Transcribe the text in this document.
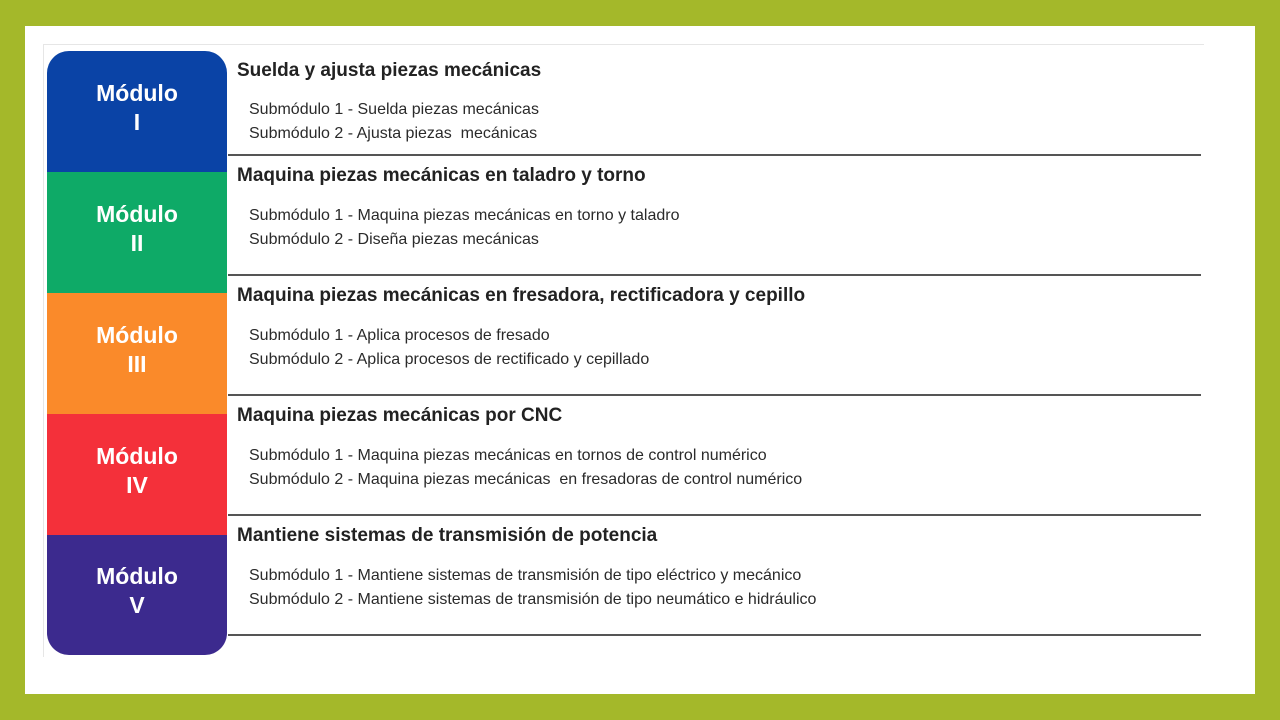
Módulo
I
Módulo
II
Módulo
III
Módulo
IV
Módulo
V
Suelda y ajusta piezas mecánicas
Submódulo 1 - Suelda piezas mecánicas
Submódulo 2 - Ajusta piezas  mecánicas
Maquina piezas mecánicas en taladro y torno
Submódulo 1 - Maquina piezas mecánicas en torno y taladro
Submódulo 2 - Diseña piezas mecánicas
Maquina piezas mecánicas en fresadora, rectificadora y cepillo
Submódulo 1 - Aplica procesos de fresado
Submódulo 2 - Aplica procesos de rectificado y cepillado
Maquina piezas mecánicas por CNC
Submódulo 1 - Maquina piezas mecánicas en tornos de control numérico
Submódulo 2 - Maquina piezas mecánicas  en fresadoras de control numérico
Mantiene sistemas de transmisión de potencia
Submódulo 1 - Mantiene sistemas de transmisión de tipo eléctrico y mecánico
Submódulo 2 - Mantiene sistemas de transmisión de tipo neumático e hidráulico
